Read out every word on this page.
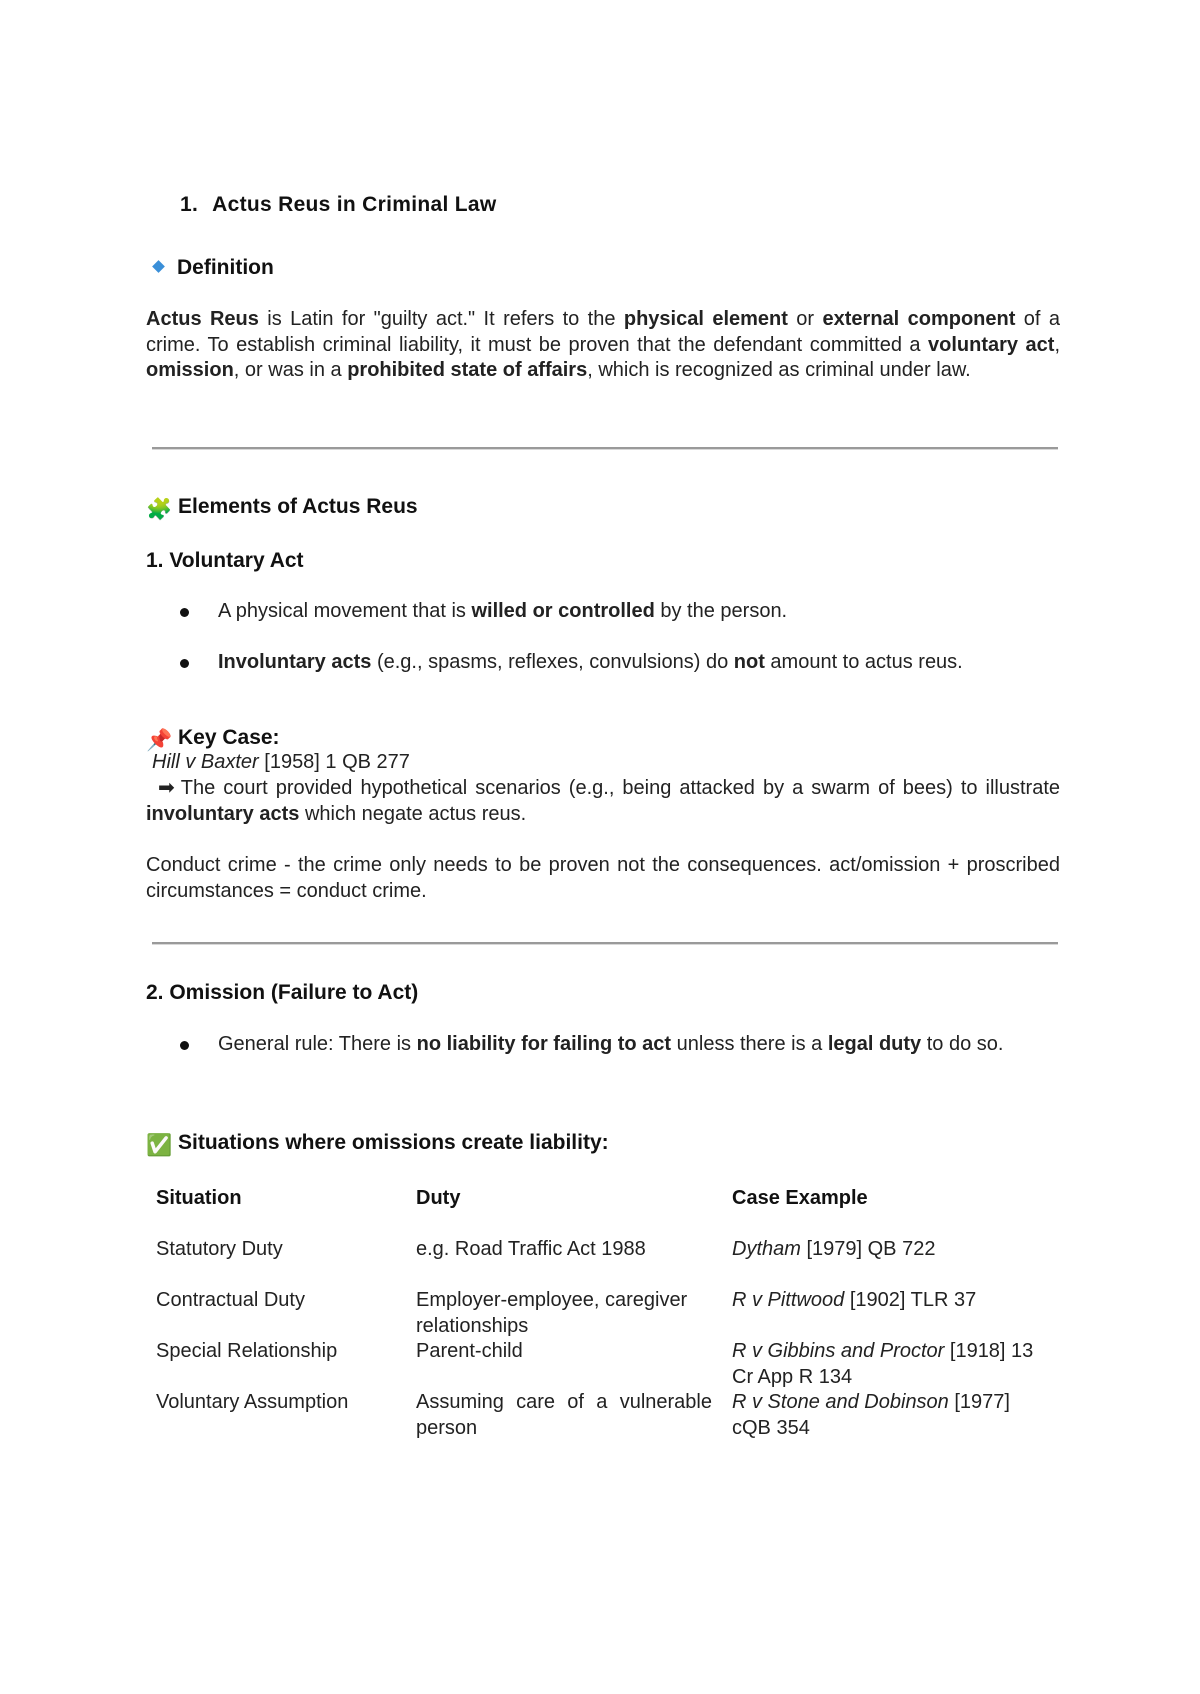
1. Actus Reus in Criminal Law
Definition

Actus Reus is Latin for "guilty act." It refers to the physical element or external component of a crime. To establish criminal liability, it must be proven that the defendant committed a voluntary act, omission, or was in a prohibited state of affairs, which is recognized as criminal under law.

🧩 Elements of Actus Reus
1. Voluntary Act
A physical movement that is willed or controlled by the person.
Involuntary acts (e.g., spasms, reflexes, convulsions) do not amount to actus reus.
📌 Key Case:
Hill v Baxter [1958] 1 QB 277

➡ The court provided hypothetical scenarios (e.g., being attacked by a swarm of bees) to illustrate involuntary acts which negate actus reus.

Conduct crime - the crime only needs to be proven not the consequences. act/omission + proscribed circumstances = conduct crime.

2. Omission (Failure to Act)
General rule: There is no liability for failing to act unless there is a legal duty to do so.
✅ Situations where omissions create liability:
Situation	Duty	Case Example
Statutory Duty	e.g. Road Traffic Act 1988	Dytham [1979] QB 722
Contractual Duty	Employer-employee, caregiver relationships	R v Pittwood [1902] TLR 37
Special Relationship	Parent-child	R v Gibbins and Proctor [1918] 13 Cr App R 134
Voluntary Assumption	Assuming care of a vulnerable person	R v Stone and Dobinson [1977] cQB 354
